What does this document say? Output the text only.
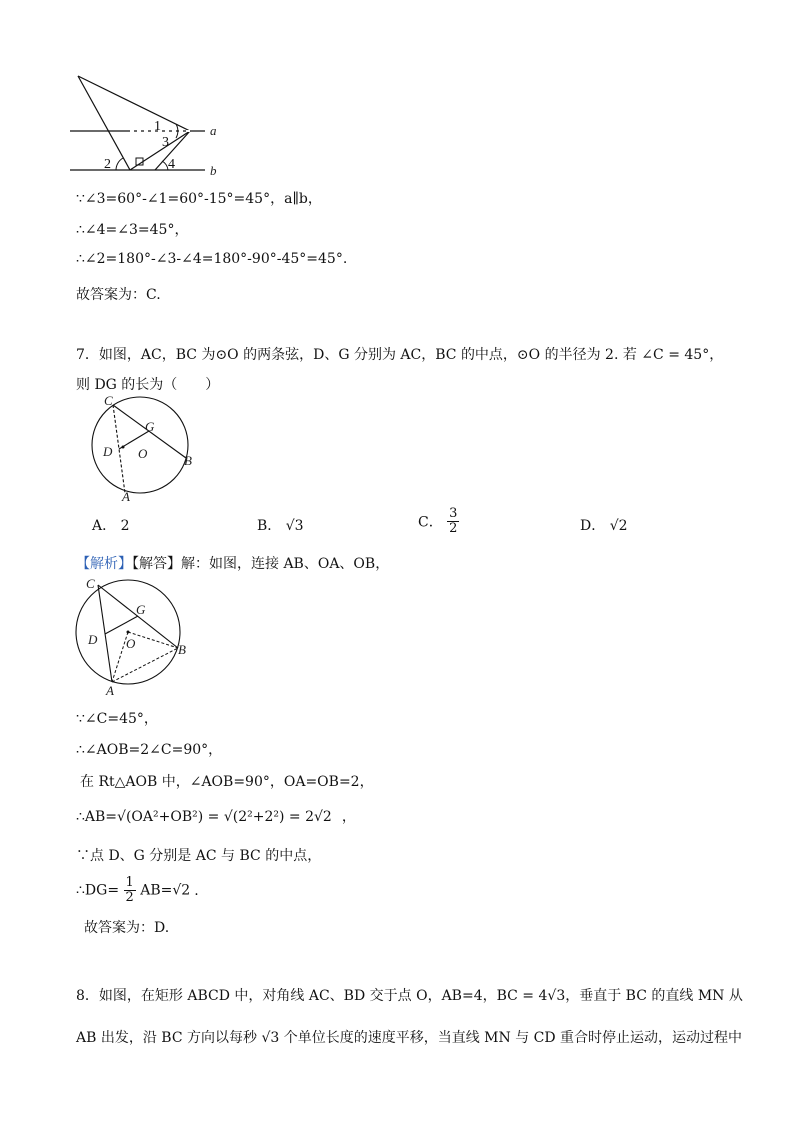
1
3
2	4
a
b
∵∠3=60°-∠1=60°-15°=45°，a∥b，
∴∠4=∠3=45°，
∴∠2=180°-∠3-∠4=180°-90°-45°=45°.
故答案为：C.
7．如图，AC，BC 为⊙O 的两条弦，D、G 分别为 AC，BC 的中点，⊙O 的半径为 2. 若 ∠C = 45°，
则 DG 的长为（　　）
C
G
D O	B
A
A． 2	B． √3	C． $\frac{3}{2}$	D． √2
【解析】【解答】解：如图，连接 AB、OA、OB，
C
G
D O	B
A
∵∠C=45°，
∴∠AOB=2∠C=90°，
在 Rt△AOB 中，∠AOB=90°，OA=OB=2，
∴AB=√(OA²+OB²) = √(2²+2²) = 2√2 ，
∵点 D、G 分别是 AC 与 BC 的中点，
∴DG= $\frac{1}{2} AB=√2$ .
故答案为：D.
8．如图，在矩形 ABCD 中，对角线 AC、BD 交于点 O，AB=4，BC = 4√3，垂直于 BC 的直线 MN 从
AB 出发，沿 BC 方向以每秒 √3 个单位长度的速度平移，当直线 MN 与 CD 重合时停止运动，运动过程中
